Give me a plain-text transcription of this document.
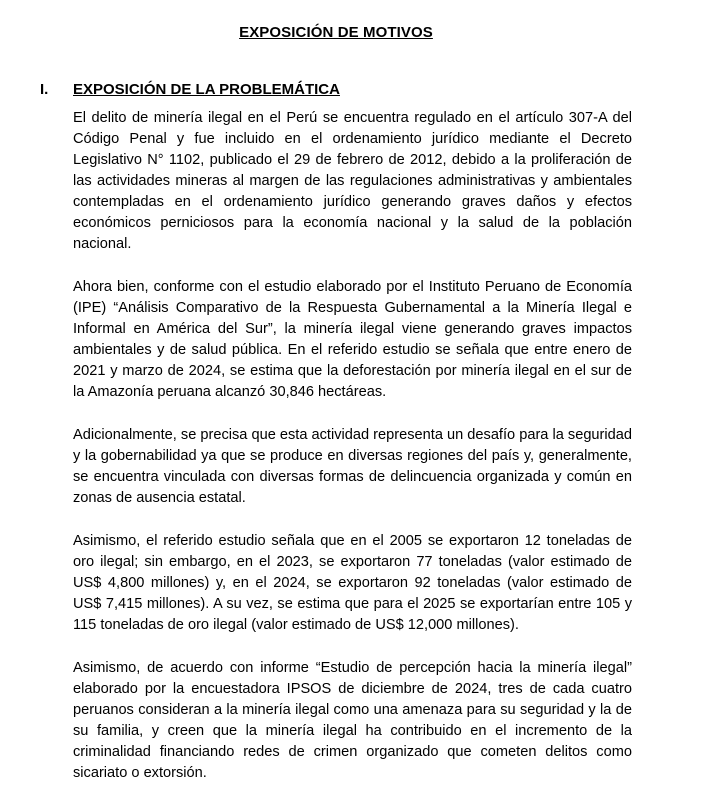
EXPOSICIÓN DE MOTIVOS
I. EXPOSICIÓN DE LA PROBLEMÁTICA

El delito de minería ilegal en el Perú se encuentra regulado en el artículo 307-A del Código Penal y fue incluido en el ordenamiento jurídico mediante el Decreto Legislativo N° 1102, publicado el 29 de febrero de 2012, debido a la proliferación de las actividades mineras al margen de las regulaciones administrativas y ambientales contempladas en el ordenamiento jurídico generando graves daños y efectos económicos perniciosos para la economía nacional y la salud de la población nacional.

Ahora bien, conforme con el estudio elaborado por el Instituto Peruano de Economía (IPE) “Análisis Comparativo de la Respuesta Gubernamental a la Minería Ilegal e Informal en América del Sur”, la minería ilegal viene generando graves impactos ambientales y de salud pública. En el referido estudio se señala que entre enero de 2021 y marzo de 2024, se estima que la deforestación por minería ilegal en el sur de la Amazonía peruana alcanzó 30,846 hectáreas.

Adicionalmente, se precisa que esta actividad representa un desafío para la seguridad y la gobernabilidad ya que se produce en diversas regiones del país y, generalmente, se encuentra vinculada con diversas formas de delincuencia organizada y común en zonas de ausencia estatal.

Asimismo, el referido estudio señala que en el 2005 se exportaron 12 toneladas de oro ilegal; sin embargo, en el 2023, se exportaron 77 toneladas (valor estimado de US$ 4,800 millones) y, en el 2024, se exportaron 92 toneladas (valor estimado de US$ 7,415 millones). A su vez, se estima que para el 2025 se exportarían entre 105 y 115 toneladas de oro ilegal (valor estimado de US$ 12,000 millones).

Asimismo, de acuerdo con informe “Estudio de percepción hacia la minería ilegal” elaborado por la encuestadora IPSOS de diciembre de 2024, tres de cada cuatro peruanos consideran a la minería ilegal como una amenaza para su seguridad y la de su familia, y creen que la minería ilegal ha contribuido en el incremento de la criminalidad financiando redes de crimen organizado que cometen delitos como sicariato o extorsión.
